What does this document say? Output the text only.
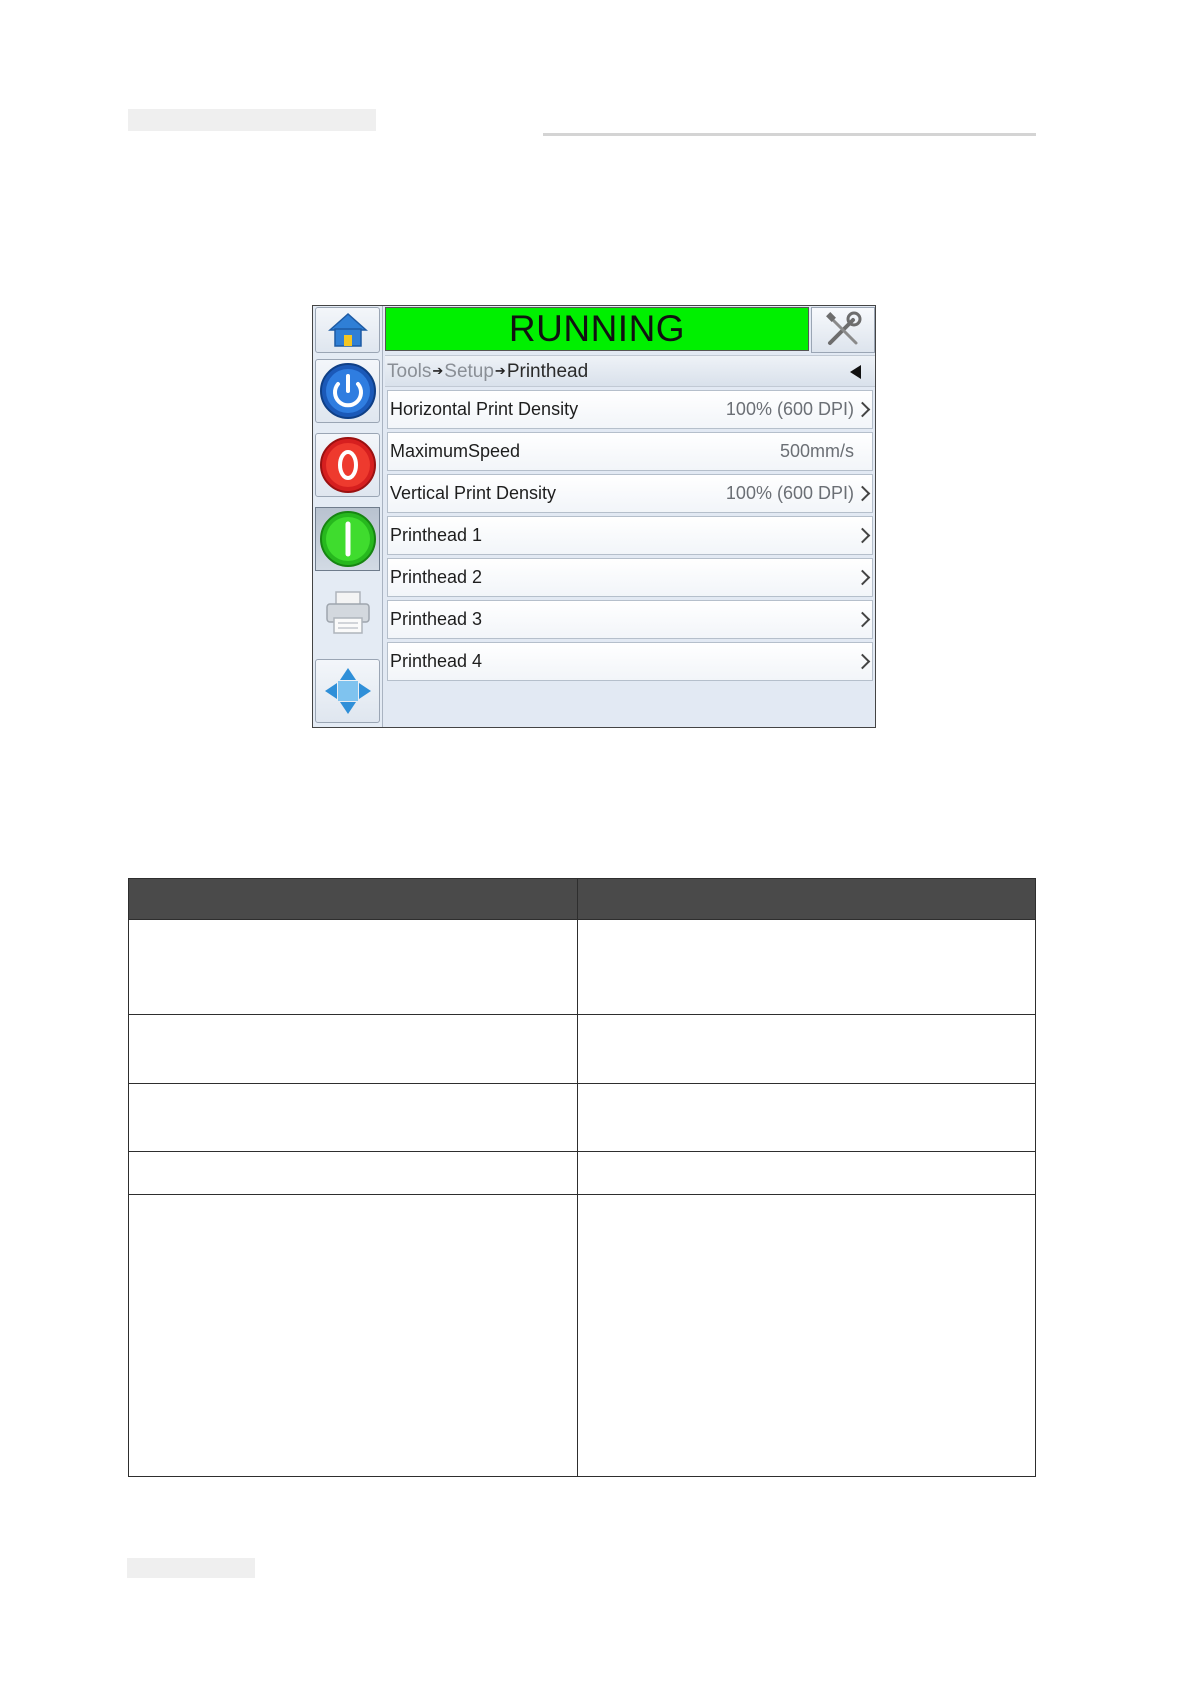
RUNNING
Tools➔Setup➔Printhead
Horizontal Print Density	100% (600 DPI)
MaximumSpeed	500mm/s
Vertical Print Density	100% (600 DPI)
Printhead 1
Printhead 2
Printhead 3
Printhead 4
